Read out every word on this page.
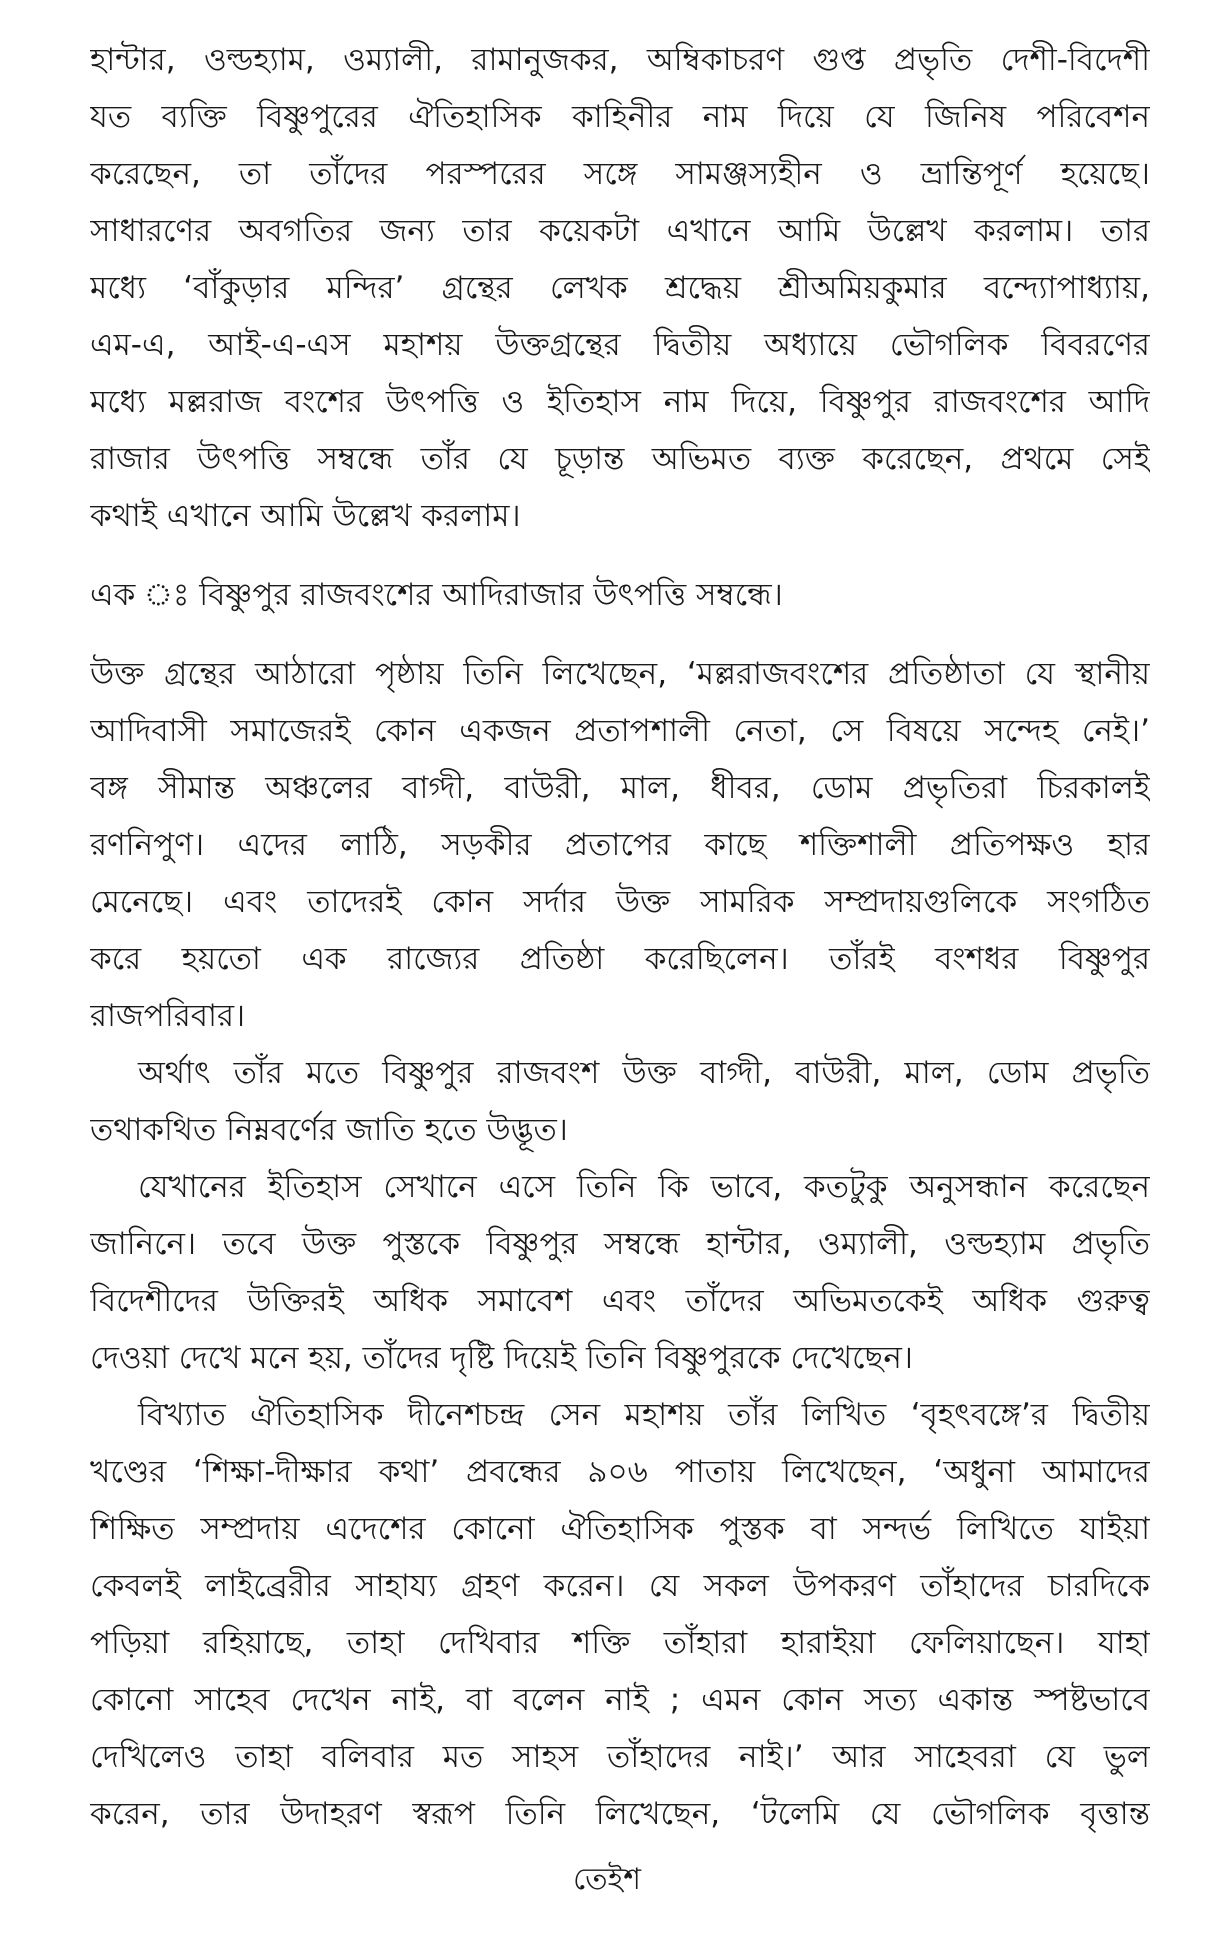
হান্টার, ওল্ডহ্যাম, ওম্যালী, রামানুজকর, অম্বিকাচরণ গুপ্ত প্রভৃতি দেশী-বিদেশী
যত ব্যক্তি বিষ্ণুপুরের ঐতিহাসিক কাহিনীর নাম দিয়ে যে জিনিষ পরিবেশন
করেছেন, তা তাঁদের পরস্পরের সঙ্গে সামঞ্জস্যহীন ও ভ্রান্তিপূর্ণ হয়েছে।
সাধারণের অবগতির জন্য তার কয়েকটা এখানে আমি উল্লেখ করলাম। তার
মধ্যে ‘বাঁকুড়ার মন্দির’ গ্রন্থের লেখক শ্রদ্ধেয় শ্রীঅমিয়কুমার বন্দ্যোপাধ্যায়,
এম-এ, আই-এ-এস মহাশয় উক্তগ্রন্থের দ্বিতীয় অধ্যায়ে ভৌগলিক বিবরণের
মধ্যে মল্লরাজ বংশের উৎপত্তি ও ইতিহাস নাম দিয়ে, বিষ্ণুপুর রাজবংশের আদি
রাজার উৎপত্তি সম্বন্ধে তাঁর যে চূড়ান্ত অভিমত ব্যক্ত করেছেন, প্রথমে সেই
কথাই এখানে আমি উল্লেখ করলাম।
এক ঃ বিষ্ণুপুর রাজবংশের আদিরাজার উৎপত্তি সম্বন্ধে।
উক্ত গ্রন্থের আঠারো পৃষ্ঠায় তিনি লিখেছেন, ‘মল্লরাজবংশের প্রতিষ্ঠাতা যে স্থানীয়
আদিবাসী সমাজেরই কোন একজন প্রতাপশালী নেতা, সে বিষয়ে সন্দেহ নেই।’
বঙ্গ সীমান্ত অঞ্চলের বাগ্দী, বাউরী, মাল, ধীবর, ডোম প্রভৃতিরা চিরকালই
রণনিপুণ। এদের লাঠি, সড়কীর প্রতাপের কাছে শক্তিশালী প্রতিপক্ষও হার
মেনেছে। এবং তাদেরই কোন সর্দার উক্ত সামরিক সম্প্রদায়গুলিকে সংগঠিত
করে হয়তো এক রাজ্যের প্রতিষ্ঠা করেছিলেন। তাঁরই বংশধর বিষ্ণুপুর
রাজপরিবার।
অর্থাৎ তাঁর মতে বিষ্ণুপুর রাজবংশ উক্ত বাগ্দী, বাউরী, মাল, ডোম প্রভৃতি
তথাকথিত নিম্নবর্ণের জাতি হতে উদ্ভূত।
যেখানের ইতিহাস সেখানে এসে তিনি কি ভাবে, কতটুকু অনুসন্ধান করেছেন
জানিনে। তবে উক্ত পুস্তকে বিষ্ণুপুর সম্বন্ধে হান্টার, ওম্যালী, ওল্ডহ্যাম প্রভৃতি
বিদেশীদের উক্তিরই অধিক সমাবেশ এবং তাঁদের অভিমতকেই অধিক গুরুত্ব
দেওয়া দেখে মনে হয়, তাঁদের দৃষ্টি দিয়েই তিনি বিষ্ণুপুরকে দেখেছেন।
বিখ্যাত ঐতিহাসিক দীনেশচন্দ্র সেন মহাশয় তাঁর লিখিত ‘বৃহৎবঙ্গে’র দ্বিতীয়
খণ্ডের ‘শিক্ষা-দীক্ষার কথা’ প্রবন্ধের ৯০৬ পাতায় লিখেছেন, ‘অধুনা আমাদের
শিক্ষিত সম্প্রদায় এদেশের কোনো ঐতিহাসিক পুস্তক বা সন্দর্ভ লিখিতে যাইয়া
কেবলই লাইব্রেরীর সাহায্য গ্রহণ করেন। যে সকল উপকরণ তাঁহাদের চারদিকে
পড়িয়া রহিয়াছে, তাহা দেখিবার শক্তি তাঁহারা হারাইয়া ফেলিয়াছেন। যাহা
কোনো সাহেব দেখেন নাই, বা বলেন নাই ; এমন কোন সত্য একান্ত স্পষ্টভাবে
দেখিলেও তাহা বলিবার মত সাহস তাঁহাদের নাই।’ আর সাহেবরা যে ভুল
করেন, তার উদাহরণ স্বরূপ তিনি লিখেছেন, ‘টলেমি যে ভৌগলিক বৃত্তান্ত
তেইশ
